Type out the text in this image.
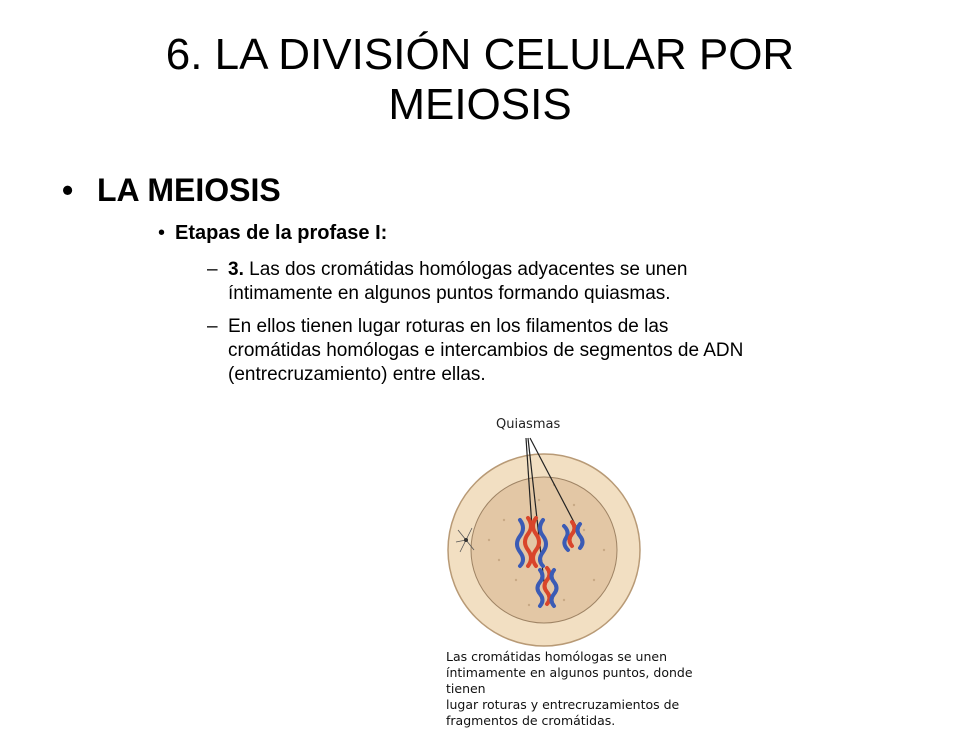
6. LA DIVISIÓN CELULAR POR
MEIOSIS
• LA MEIOSIS
• Etapas de la profase I:
– 3. Las dos cromátidas homólogas adyacentes se unen
íntimamente en algunos puntos formando quiasmas.
– En ellos tienen lugar roturas en los filamentos de las
cromátidas homólogas e intercambios de segmentos de ADN
(entrecruzamiento) entre ellas.
Quiasmas
Las cromátidas homólogas se unen
íntimamente en algunos puntos, donde tienen
lugar roturas y entrecruzamientos de
fragmentos de cromátidas.
